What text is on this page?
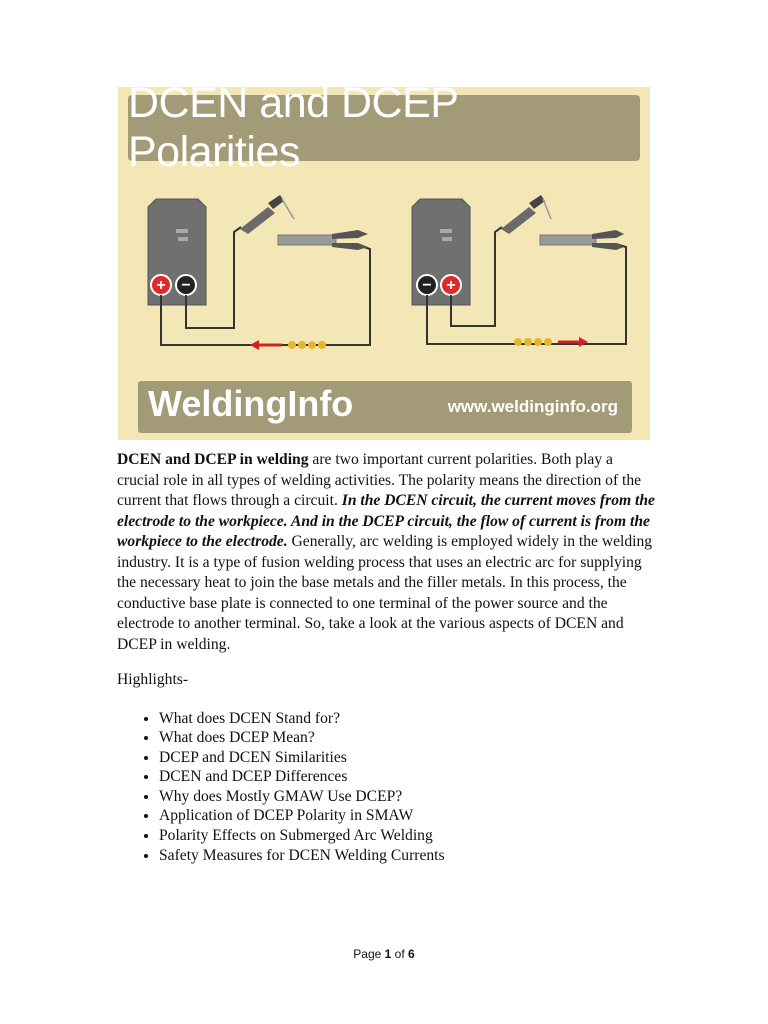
DCEN and DCEP Polarities
+ −	− +
WeldingInfo	www.weldinginfo.org

DCEN and DCEP in welding are two important current polarities. Both play a crucial role in all types of welding activities. The polarity means the direction of the current that flows through a circuit. In the DCEN circuit, the current moves from the electrode to the workpiece. And in the DCEP circuit, the flow of current is from the workpiece to the electrode. Generally, arc welding is employed widely in the welding industry. It is a type of fusion welding process that uses an electric arc for supplying the necessary heat to join the base metals and the filler metals. In this process, the conductive base plate is connected to one terminal of the power source and the electrode to another terminal. So, take a look at the various aspects of DCEN and DCEP in welding.

Highlights-

• What does DCEN Stand for?
• What does DCEP Mean?
• DCEP and DCEN Similarities
• DCEN and DCEP Differences
• Why does Mostly GMAW Use DCEP?
• Application of DCEP Polarity in SMAW
• Polarity Effects on Submerged Arc Welding
• Safety Measures for DCEN Welding Currents
Page 1 of 6
